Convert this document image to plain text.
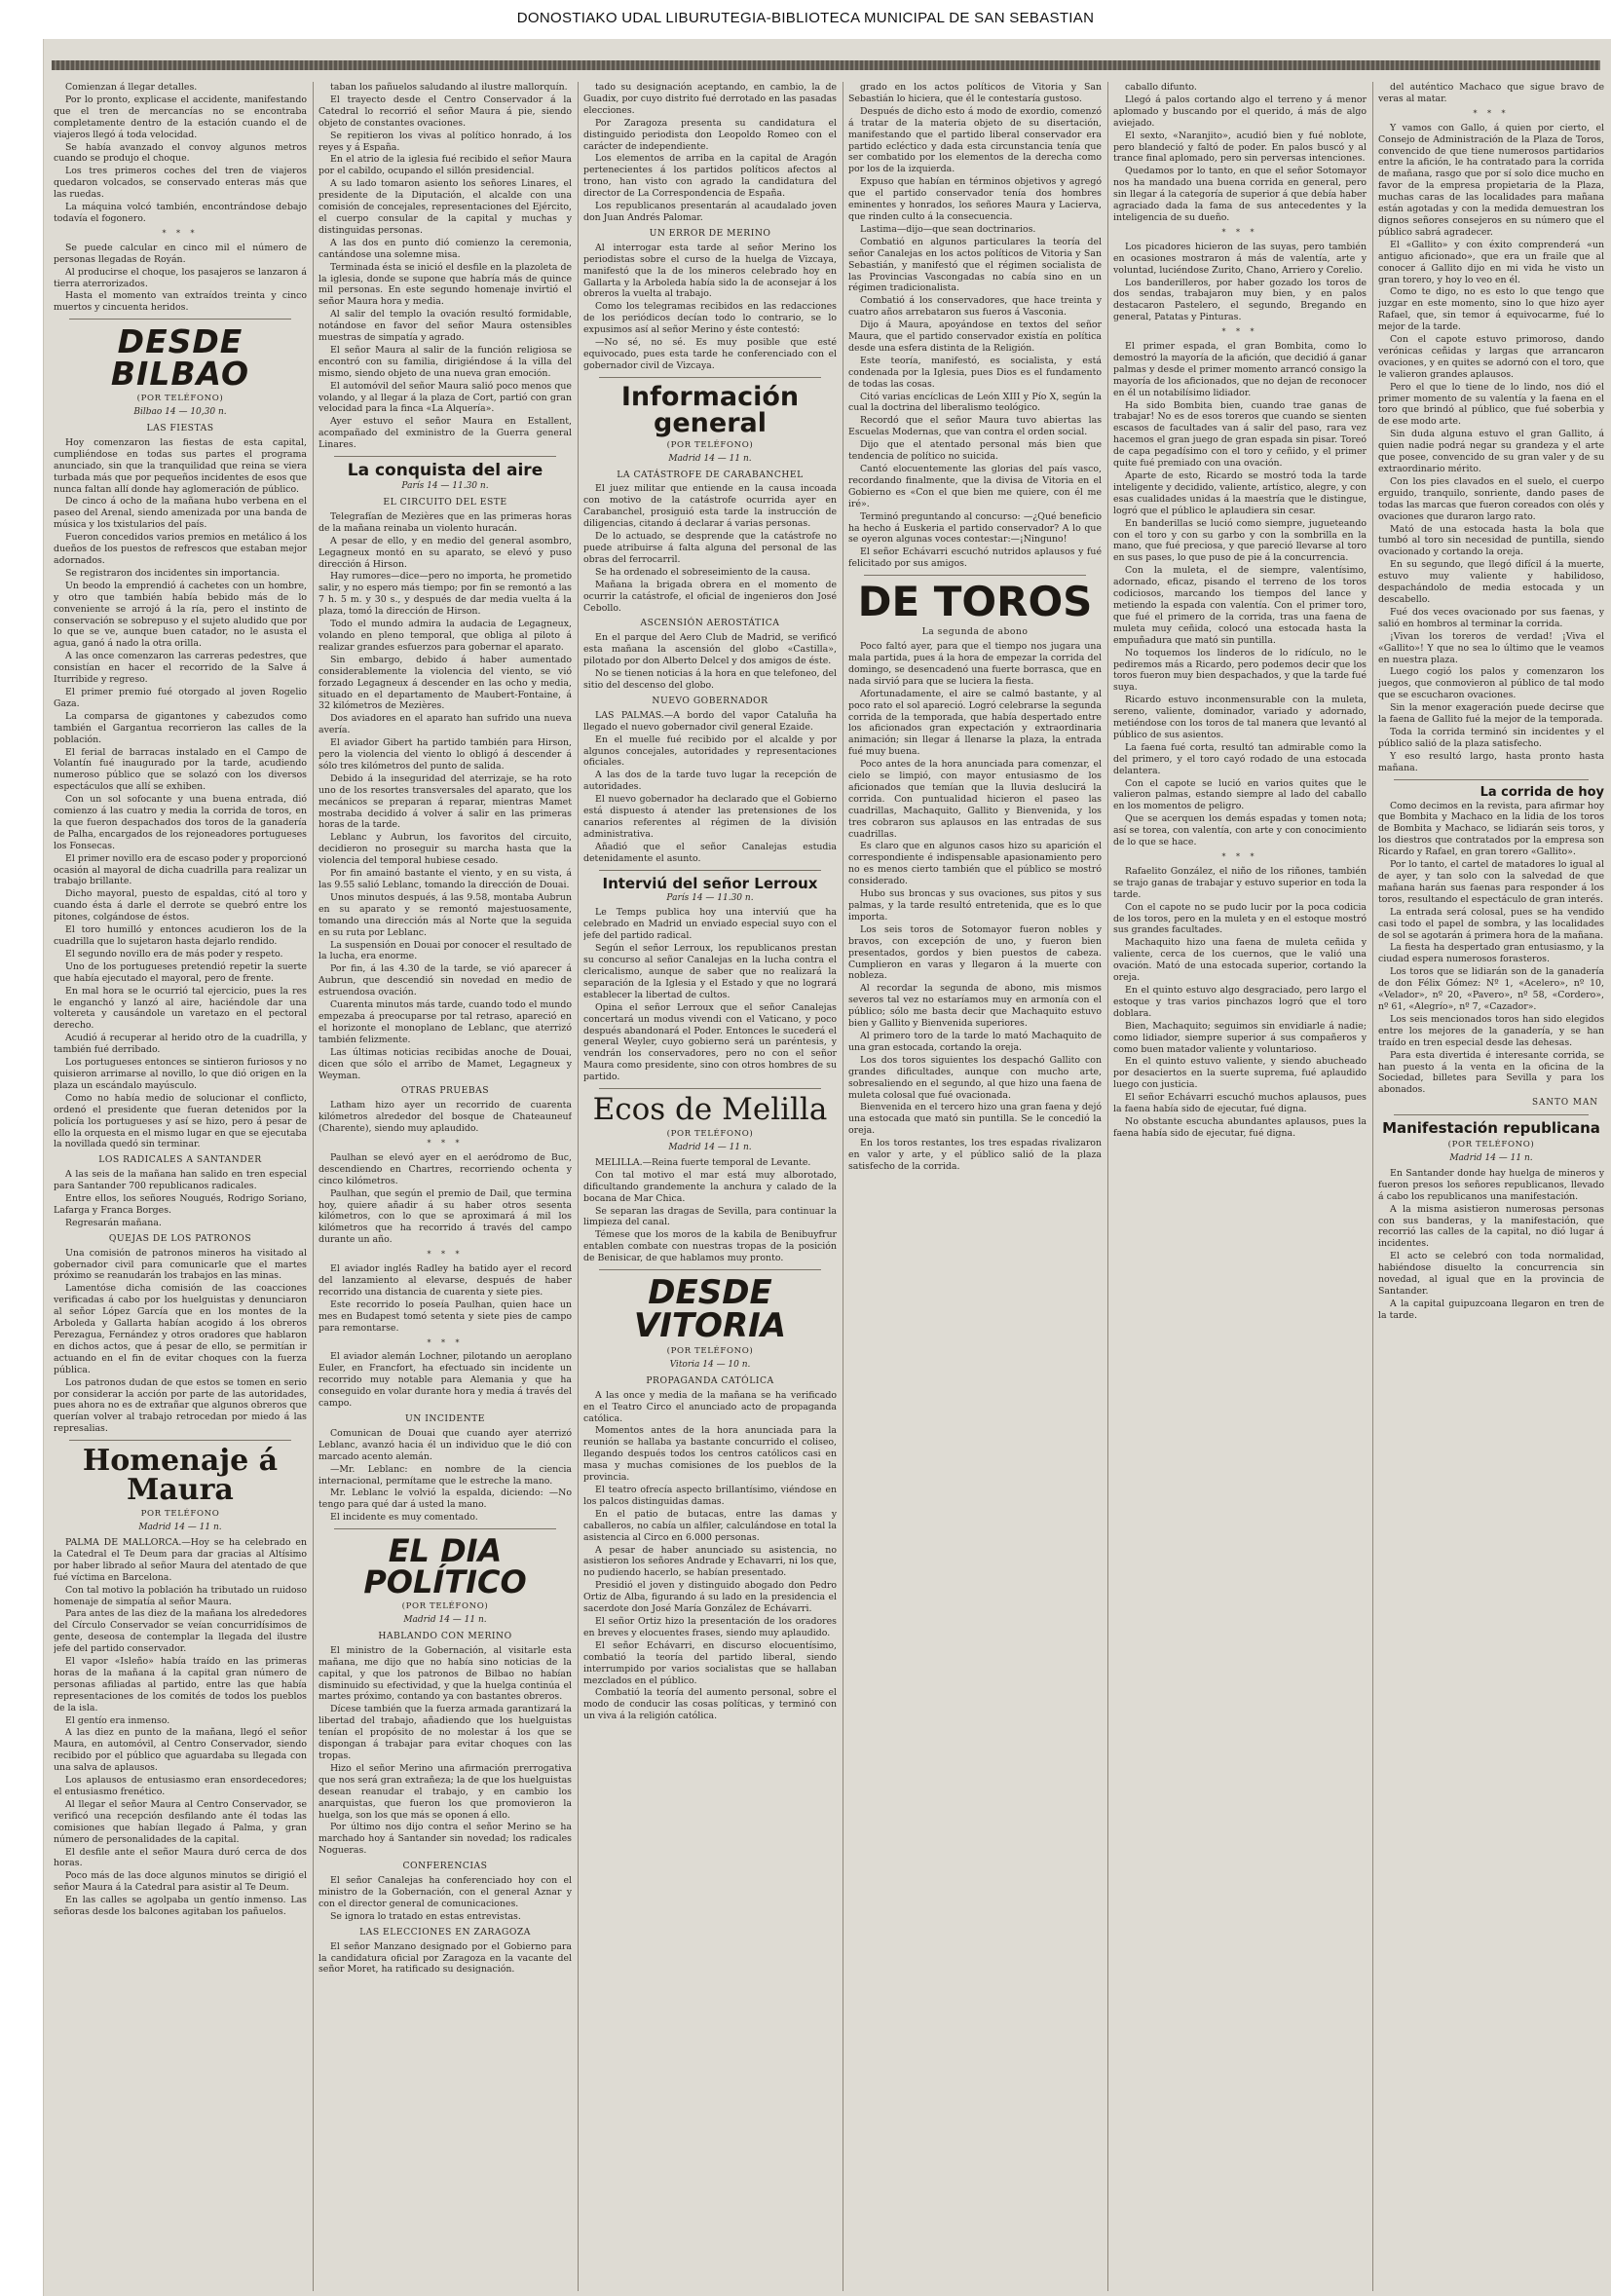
DONOSTIAKO UDAL LIBURUTEGIA-BIBLIOTECA MUNICIPAL DE SAN SEBASTIAN

Comienzan á llegar detalles.

Por lo pronto, explicase el accidente, manifestando que el tren de mercancías no se encontraba completamente dentro de la estación cuando el de viajeros llegó á toda velocidad.

Se había avanzado el convoy algunos metros cuando se produjo el choque.

Los tres primeros coches del tren de viajeros quedaron volcados, se conservado enteras más que las ruedas.

La máquina volcó también, encontrándose debajo todavía el fogonero.

* * *

Se puede calcular en cinco mil el número de personas llegadas de Royán.

Al producirse el choque, los pasajeros se lanzaron á tierra aterrorizados.

Hasta el momento van extraídos treinta y cinco muertos y cincuenta heridos.

DESDE BILBAO
(POR TELÉFONO)
Bilbao 14 — 10,30 n.
LAS FIESTAS

Hoy comenzaron las fiestas de esta capital, cumpliéndose en todas sus partes el programa anunciado, sin que la tranquilidad que reina se viera turbada más que por pequeños incidentes de esos que nunca faltan allí donde hay aglomeración de público.

De cinco á ocho de la mañana hubo verbena en el paseo del Arenal, siendo amenizada por una banda de música y los txistularios del país.

Fueron concedidos varios premios en metálico á los dueños de los puestos de refrescos que estaban mejor adornados.

Se registraron dos incidentes sin importancia.

Un beodo la emprendió á cachetes con un hombre, y otro que también había bebido más de lo conveniente se arrojó á la ría, pero el instinto de conservación se sobrepuso y el sujeto aludido que por lo que se ve, aunque buen catador, no le asusta el agua, ganó á nado la otra orilla.

A las once comenzaron las carreras pedestres, que consistían en hacer el recorrido de la Salve á Iturribide y regreso.

El primer premio fué otorgado al joven Rogelio Gaza.

La comparsa de gigantones y cabezudos como también el Gargantua recorrieron las calles de la población.

El ferial de barracas instalado en el Campo de Volantín fué inaugurado por la tarde, acudiendo numeroso público que se solazó con los diversos espectáculos que allí se exhiben.

Con un sol sofocante y una buena entrada, dió comienzo á las cuatro y media la corrida de toros, en la que fueron despachados dos toros de la ganadería de Palha, encargados de los rejoneadores portugueses los Fonsecas.

El primer novillo era de escaso poder y proporcionó ocasión al mayoral de dicha cuadrilla para realizar un trabajo brillante.

Dicho mayoral, puesto de espaldas, citó al toro y cuando ésta á darle el derrote se quebró entre los pitones, colgándose de éstos.

El toro humilló y entonces acudieron los de la cuadrilla que lo sujetaron hasta dejarlo rendido.

El segundo novillo era de más poder y respeto.

Uno de los portugueses pretendió repetir la suerte que había ejecutado el mayoral, pero de frente.

En mal hora se le ocurrió tal ejercicio, pues la res le enganchó y lanzó al aire, haciéndole dar una voltereta y causándole un varetazo en el pectoral derecho.

Acudió á recuperar al herido otro de la cuadrilla, y también fué derribado.

Los portugueses entonces se sintieron furiosos y no quisieron arrimarse al novillo, lo que dió origen en la plaza un escándalo mayúsculo.

Como no había medio de solucionar el conflicto, ordenó el presidente que fueran detenidos por la policía los portugueses y así se hizo, pero á pesar de ello la orquesta en el mismo lugar en que se ejecutaba la novillada quedó sin terminar.

LOS RADICALES A SANTANDER

A las seis de la mañana han salido en tren especial para Santander 700 republicanos radicales.

Entre ellos, los señores Nougués, Rodrigo Soriano, Lafarga y Franca Borges.

Regresarán mañana.

QUEJAS DE LOS PATRONOS

Una comisión de patronos mineros ha visitado al gobernador civil para comunicarle que el martes próximo se reanudarán los trabajos en las minas.

Lamentóse dicha comisión de las coacciones verificadas á cabo por los huelguistas y denunciaron al señor López García que en los montes de la Arboleda y Gallarta habían acogido á los obreros Perezagua, Fernández y otros oradores que hablaron en dichos actos, que á pesar de ello, se permitían ir actuando en el fin de evitar choques con la fuerza pública.

Los patronos dudan de que estos se tomen en serio por considerar la acción por parte de las autoridades, pues ahora no es de extrañar que algunos obreros que querían volver al trabajo retrocedan por miedo á las represalias.

Homenaje á Maura
POR TELÉFONO
Madrid 14 — 11 n.

PALMA DE MALLORCA.—Hoy se ha celebrado en la Catedral el Te Deum para dar gracias al Altísimo por haber librado al señor Maura del atentado de que fué víctima en Barcelona.

Con tal motivo la población ha tributado un ruidoso homenaje de simpatía al señor Maura.

Para antes de las diez de la mañana los alrededores del Círculo Conservador se veían concurridísimos de gente, deseosa de contemplar la llegada del ilustre jefe del partido conservador.

El vapor «Isleño» había traído en las primeras horas de la mañana á la capital gran número de personas afiliadas al partido, entre las que había representaciones de los comités de todos los pueblos de la isla.

El gentío era inmenso.

A las diez en punto de la mañana, llegó el señor Maura, en automóvil, al Centro Conservador, siendo recibido por el público que aguardaba su llegada con una salva de aplausos.

Los aplausos de entusiasmo eran ensordecedores; el entusiasmo frenético.

Al llegar el señor Maura al Centro Conservador, se verificó una recepción desfilando ante él todas las comisiones que habían llegado á Palma, y gran número de personalidades de la capital.

El desfile ante el señor Maura duró cerca de dos horas.

Poco más de las doce algunos minutos se dirigió el señor Maura á la Catedral para asistir al Te Deum.

En las calles se agolpaba un gentío inmenso. Las señoras desde los balcones agitaban los pañuelos.

taban los pañuelos saludando al ilustre mallorquín.

El trayecto desde el Centro Conservador á la Catedral lo recorrió el señor Maura á pie, siendo objeto de constantes ovaciones.

Se repitieron los vivas al político honrado, á los reyes y á España.

En el atrio de la iglesia fué recibido el señor Maura por el cabildo, ocupando el sillón presidencial.

A su lado tomaron asiento los señores Linares, el presidente de la Diputación, el alcalde con una comisión de concejales, representaciones del Ejército, el cuerpo consular de la capital y muchas y distinguidas personas.

A las dos en punto dió comienzo la ceremonia, cantándose una solemne misa.

Terminada ésta se inició el desfile en la plazoleta de la iglesia, donde se supone que habría más de quince mil personas. En este segundo homenaje invirtió el señor Maura hora y media.

Al salir del templo la ovación resultó formidable, notándose en favor del señor Maura ostensibles muestras de simpatía y agrado.

El señor Maura al salir de la función religiosa se encontró con su familia, dirigiéndose á la villa del mismo, siendo objeto de una nueva gran emoción.

El automóvil del señor Maura salió poco menos que volando, y al llegar á la plaza de Cort, partió con gran velocidad para la finca «La Alquería».

Ayer estuvo el señor Maura en Estallent, acompañado del exministro de la Guerra general Linares.

La conquista del aire
París 14 — 11.30 n.
EL CIRCUITO DEL ESTE

Telegrafían de Mezières que en las primeras horas de la mañana reinaba un violento huracán.

A pesar de ello, y en medio del general asombro, Legagneux montó en su aparato, se elevó y puso dirección á Hirson.

Hay rumores—dice—pero no importa, he prometido salir, y no espero más tiempo; por fin se remontó a las 7 h. 5 m. y 30 s., y después de dar media vuelta á la plaza, tomó la dirección de Hirson.

Todo el mundo admira la audacia de Legagneux, volando en pleno temporal, que obliga al piloto á realizar grandes esfuerzos para gobernar el aparato.

Sin embargo, debido á haber aumentado considerablemente la violencia del viento, se vió forzado Legagneux á descender en las ocho y media, situado en el departamento de Maubert-Fontaine, á 32 kilómetros de Mezières.

Dos aviadores en el aparato han sufrido una nueva avería.

El aviador Gibert ha partido también para Hirson, pero la violencia del viento lo obligó á descender á sólo tres kilómetros del punto de salida.

Debido á la inseguridad del aterrizaje, se ha roto uno de los resortes transversales del aparato, que los mecánicos se preparan á reparar, mientras Mamet mostraba decidido á volver á salir en las primeras horas de la tarde.

Leblanc y Aubrun, los favoritos del circuito, decidieron no proseguir su marcha hasta que la violencia del temporal hubiese cesado.

Por fin amainó bastante el viento, y en su vista, á las 9.55 salió Leblanc, tomando la dirección de Douai.

Unos minutos después, á las 9.58, montaba Aubrun en su aparato y se remontó majestuosamente, tomando una dirección más al Norte que la seguida en su ruta por Leblanc.

La suspensión en Douai por conocer el resultado de la lucha, era enorme.

Por fin, á las 4.30 de la tarde, se vió aparecer á Aubrun, que descendió sin novedad en medio de estruendosa ovación.

Cuarenta minutos más tarde, cuando todo el mundo empezaba á preocuparse por tal retraso, apareció en el horizonte el monoplano de Leblanc, que aterrizó también felizmente.

Las últimas noticias recibidas anoche de Douai, dicen que sólo el arribo de Mamet, Legagneux y Weyman.

OTRAS PRUEBAS

Latham hizo ayer un recorrido de cuarenta kilómetros alrededor del bosque de Chateauneuf (Charente), siendo muy aplaudido.

* * *

Paulhan se elevó ayer en el aeródromo de Buc, descendiendo en Chartres, recorriendo ochenta y cinco kilómetros.

Paulhan, que según el premio de Dail, que termina hoy, quiere añadir á su haber otros sesenta kilómetros, con lo que se aproximará á mil los kilómetros que ha recorrido á través del campo durante un año.

* * *

El aviador inglés Radley ha batido ayer el record del lanzamiento al elevarse, después de haber recorrido una distancia de cuarenta y siete pies.

Este recorrido lo poseía Paulhan, quien hace un mes en Budapest tomó setenta y siete pies de campo para remontarse.

* * *

El aviador alemán Lochner, pilotando un aeroplano Euler, en Francfort, ha efectuado sin incidente un recorrido muy notable para Alemania y que ha conseguido en volar durante hora y media á través del campo.

UN INCIDENTE

Comunican de Douai que cuando ayer aterrizó Leblanc, avanzó hacia él un individuo que le dió con marcado acento alemán.

—Mr. Leblanc: en nombre de la ciencia internacional, permítame que le estreche la mano.

Mr. Leblanc le volvió la espalda, diciendo: —No tengo para qué dar á usted la mano.

El incidente es muy comentado.

EL DIA POLÍTICO
(POR TELÉFONO)
Madrid 14 — 11 n.
HABLANDO CON MERINO

El ministro de la Gobernación, al visitarle esta mañana, me dijo que no había sino noticias de la capital, y que los patronos de Bilbao no habían disminuido su efectividad, y que la huelga continúa el martes próximo, contando ya con bastantes obreros.

Dícese también que la fuerza armada garantizará la libertad del trabajo, añadiendo que los huelguistas tenían el propósito de no molestar á los que se dispongan á trabajar para evitar choques con las tropas.

Hizo el señor Merino una afirmación prerrogativa que nos será gran extrañeza; la de que los huelguistas desean reanudar el trabajo, y en cambio los anarquistas, que fueron los que promovieron la huelga, son los que más se oponen á ello.

Por último nos dijo contra el señor Merino se ha marchado hoy á Santander sin novedad; los radicales Nogueras.

CONFERENCIAS

El señor Canalejas ha conferenciado hoy con el ministro de la Gobernación, con el general Aznar y con el director general de comunicaciones.

Se ignora lo tratado en estas entrevistas.

LAS ELECCIONES EN ZARAGOZA

El señor Manzano designado por el Gobierno para la candidatura oficial por Zaragoza en la vacante del señor Moret, ha ratificado su designación.

tado su designación aceptando, en cambio, la de Guadix, por cuyo distrito fué derrotado en las pasadas elecciones.

Por Zaragoza presenta su candidatura el distinguido periodista don Leopoldo Romeo con el carácter de independiente.

Los elementos de arriba en la capital de Aragón pertenecientes á los partidos políticos afectos al trono, han visto con agrado la candidatura del director de La Correspondencia de España.

Los republicanos presentarán al acaudalado joven don Juan Andrés Palomar.

UN ERROR DE MERINO

Al interrogar esta tarde al señor Merino los periodistas sobre el curso de la huelga de Vizcaya, manifestó que la de los mineros celebrado hoy en Gallarta y la Arboleda había sido la de aconsejar á los obreros la vuelta al trabajo.

Como los telegramas recibidos en las redacciones de los periódicos decían todo lo contrario, se lo expusimos así al señor Merino y éste contestó:

—No sé, no sé. Es muy posible que esté equivocado, pues esta tarde he conferenciado con el gobernador civil de Vizcaya.

Información general
(POR TELÉFONO)
Madrid 14 — 11 n.
LA CATÁSTROFE DE CARABANCHEL

El juez militar que entiende en la causa incoada con motivo de la catástrofe ocurrida ayer en Carabanchel, prosiguió esta tarde la instrucción de diligencias, citando á declarar á varias personas.

De lo actuado, se desprende que la catástrofe no puede atribuirse á falta alguna del personal de las obras del ferrocarril.

Se ha ordenado el sobreseimiento de la causa.

Mañana la brigada obrera en el momento de ocurrir la catástrofe, el oficial de ingenieros don José Cebollo.

ASCENSIÓN AEROSTÁTICA

En el parque del Aero Club de Madrid, se verificó esta mañana la ascensión del globo «Castilla», pilotado por don Alberto Delcel y dos amigos de éste.

No se tienen noticias á la hora en que telefoneo, del sitio del descenso del globo.

NUEVO GOBERNADOR

LAS PALMAS.—A bordo del vapor Cataluña ha llegado el nuevo gobernador civil general Ezaide.

En el muelle fué recibido por el alcalde y por algunos concejales, autoridades y representaciones oficiales.

A las dos de la tarde tuvo lugar la recepción de autoridades.

El nuevo gobernador ha declarado que el Gobierno está dispuesto á atender las pretensiones de los canarios referentes al régimen de la división administrativa.

Añadió que el señor Canalejas estudia detenidamente el asunto.

Interviú del señor Lerroux
París 14 — 11.30 n.

Le Temps publica hoy una interviú que ha celebrado en Madrid un enviado especial suyo con el jefe del partido radical.

Según el señor Lerroux, los republicanos prestan su concurso al señor Canalejas en la lucha contra el clericalismo, aunque de saber que no realizará la separación de la Iglesia y el Estado y que no logrará establecer la libertad de cultos.

Opina el señor Lerroux que el señor Canalejas concertará un modus vivendi con el Vaticano, y poco después abandonará el Poder. Entonces le sucederá el general Weyler, cuyo gobierno será un paréntesis, y vendrán los conservadores, pero no con el señor Maura como presidente, sino con otros hombres de su partido.

Ecos de Melilla
(POR TELÉFONO)
Madrid 14 — 11 n.

MELILLA.—Reina fuerte temporal de Levante.

Con tal motivo el mar está muy alborotado, dificultando grandemente la anchura y calado de la bocana de Mar Chica.

Se separan las dragas de Sevilla, para continuar la limpieza del canal.

Témese que los moros de la kabila de Benibuyfrur entablen combate con nuestras tropas de la posición de Benisicar, de que hablamos muy pronto.

DESDE VITORIA
(POR TELÉFONO)
Vitoria 14 — 10 n.
PROPAGANDA CATÓLICA

A las once y media de la mañana se ha verificado en el Teatro Circo el anunciado acto de propaganda católica.

Momentos antes de la hora anunciada para la reunión se hallaba ya bastante concurrido el coliseo, llegando después todos los centros católicos casi en masa y muchas comisiones de los pueblos de la provincia.

El teatro ofrecía aspecto brillantísimo, viéndose en los palcos distinguidas damas.

En el patio de butacas, entre las damas y caballeros, no cabía un alfiler, calculándose en total la asistencia al Circo en 6.000 personas.

A pesar de haber anunciado su asistencia, no asistieron los señores Andrade y Echavarri, ni los que, no pudiendo hacerlo, se habían presentado.

Presidió el joven y distinguido abogado don Pedro Ortiz de Alba, figurando á su lado en la presidencia el sacerdote don José María González de Echávarri.

El señor Ortiz hizo la presentación de los oradores en breves y elocuentes frases, siendo muy aplaudido.

El señor Echávarri, en discurso elocuentísimo, combatió la teoría del partido liberal, siendo interrumpido por varios socialistas que se hallaban mezclados en el público.

Combatió la teoría del aumento personal, sobre el modo de conducir las cosas políticas, y terminó con un viva á la religión católica.

grado en los actos políticos de Vitoria y San Sebastián lo hiciera, que él le contestaría gustoso.

Después de dicho esto á modo de exordio, comenzó á tratar de la materia objeto de su disertación, manifestando que el partido liberal conservador era partido ecléctico y dada esta circunstancia tenía que ser combatido por los elementos de la derecha como por los de la izquierda.

Expuso que habían en términos objetivos y agregó que el partido conservador tenía dos hombres eminentes y honrados, los señores Maura y Lacierva, que rinden culto á la consecuencia.

Lastima—dijo—que sean doctrinarios.

Combatió en algunos particulares la teoría del señor Canalejas en los actos políticos de Vitoria y San Sebastián, y manifestó que el régimen socialista de las Provincias Vascongadas no cabía sino en un régimen tradicionalista.

Combatió á los conservadores, que hace treinta y cuatro años arrebataron sus fueros á Vasconia.

Dijo á Maura, apoyándose en textos del señor Maura, que el partido conservador existía en política desde una esfera distinta de la Religión.

Este teoría, manifestó, es socialista, y está condenada por la Iglesia, pues Dios es el fundamento de todas las cosas.

Citó varias encíclicas de León XIII y Pío X, según la cual la doctrina del liberalismo teológico.

Recordó que el señor Maura tuvo abiertas las Escuelas Modernas, que van contra el orden social.

Dijo que el atentado personal más bien que tendencia de político no suicida.

Cantó elocuentemente las glorias del país vasco, recordando finalmente, que la divisa de Vitoria en el Gobierno es «Con el que bien me quiere, con él me iré».

Terminó preguntando al concurso: —¿Qué beneficio ha hecho á Euskeria el partido conservador? A lo que se oyeron algunas voces contestar:—¡Ninguno!

El señor Echávarri escuchó nutridos aplausos y fué felicitado por sus amigos.

DE TOROS
La segunda de abono

Poco faltó ayer, para que el tiempo nos jugara una mala partida, pues á la hora de empezar la corrida del domingo, se desencadenó una fuerte borrasca, que en nada sirvió para que se luciera la fiesta.

Afortunadamente, el aire se calmó bastante, y al poco rato el sol apareció. Logró celebrarse la segunda corrida de la temporada, que había despertado entre los aficionados gran expectación y extraordinaria animación; sin llegar á llenarse la plaza, la entrada fué muy buena.

Poco antes de la hora anunciada para comenzar, el cielo se limpió, con mayor entusiasmo de los aficionados que temían que la lluvia deslucirá la corrida. Con puntualidad hicieron el paseo las cuadrillas, Machaquito, Gallito y Bienvenida, y los tres cobraron sus aplausos en las entradas de sus cuadrillas.

Es claro que en algunos casos hizo su aparición el correspondiente é indispensable apasionamiento pero no es menos cierto también que el público se mostró considerado.

Hubo sus broncas y sus ovaciones, sus pitos y sus palmas, y la tarde resultó entretenida, que es lo que importa.

Los seis toros de Sotomayor fueron nobles y bravos, con excepción de uno, y fueron bien presentados, gordos y bien puestos de cabeza. Cumplieron en varas y llegaron á la muerte con nobleza.

Al recordar la segunda de abono, mis mismos severos tal vez no estaríamos muy en armonía con el público; sólo me basta decir que Machaquito estuvo bien y Gallito y Bienvenida superiores.

Al primero toro de la tarde lo mató Machaquito de una gran estocada, cortando la oreja.

Los dos toros siguientes los despachó Gallito con grandes dificultades, aunque con mucho arte, sobresaliendo en el segundo, al que hizo una faena de muleta colosal que fué ovacionada.

Bienvenida en el tercero hizo una gran faena y dejó una estocada que mató sin puntilla. Se le concedió la oreja.

En los toros restantes, los tres espadas rivalizaron en valor y arte, y el público salió de la plaza satisfecho de la corrida.

caballo difunto.

Llegó á palos cortando algo el terreno y á menor aplomado y buscando por el querido, á más de algo aviejado.

El sexto, «Naranjito», acudió bien y fué noblote, pero blandeció y faltó de poder. En palos buscó y al trance final aplomado, pero sin perversas intenciones.

Quedamos por lo tanto, en que el señor Sotomayor nos ha mandado una buena corrida en general, pero sin llegar á la categoría de superior á que debía haber agraciado dada la fama de sus antecedentes y la inteligencia de su dueño.

* * *

Los picadores hicieron de las suyas, pero también en ocasiones mostraron á más de valentía, arte y voluntad, luciéndose Zurito, Chano, Arriero y Corelio.

Los banderilleros, por haber gozado los toros de dos sendas, trabajaron muy bien, y en palos destacaron Pastelero, el segundo, Bregando en general, Patatas y Pinturas.

* * *

El primer espada, el gran Bombita, como lo demostró la mayoría de la afición, que decidió á ganar palmas y desde el primer momento arrancó consigo la mayoría de los aficionados, que no dejan de reconocer en él un notabilísimo lidiador.

Ha sido Bombita bien, cuando trae ganas de trabajar! No es de esos toreros que cuando se sienten escasos de facultades van á salir del paso, rara vez hacemos el gran juego de gran espada sin pisar. Toreó de capa pegadísimo con el toro y ceñido, y el primer quite fué premiado con una ovación.

Aparte de esto, Ricardo se mostró toda la tarde inteligente y decidido, valiente, artístico, alegre, y con esas cualidades unidas á la maestría que le distingue, logró que el público le aplaudiera sin cesar.

En banderillas se lució como siempre, jugueteando con el toro y con su garbo y con la sombrilla en la mano, que fué preciosa, y que pareció llevarse al toro en sus pases, lo que puso de pie á la concurrencia.

Con la muleta, el de siempre, valentísimo, adornado, eficaz, pisando el terreno de los toros codiciosos, marcando los tiempos del lance y metiendo la espada con valentía. Con el primer toro, que fué el primero de la corrida, tras una faena de muleta muy ceñida, colocó una estocada hasta la empuñadura que mató sin puntilla.

No toquemos los linderos de lo ridículo, no le pediremos más a Ricardo, pero podemos decir que los toros fueron muy bien despachados, y que la tarde fué suya.

Ricardo estuvo inconmensurable con la muleta, sereno, valiente, dominador, variado y adornado, metiéndose con los toros de tal manera que levantó al público de sus asientos.

La faena fué corta, resultó tan admirable como la del primero, y el toro cayó rodado de una estocada delantera.

Con el capote se lució en varios quites que le valieron palmas, estando siempre al lado del caballo en los momentos de peligro.

Que se acerquen los demás espadas y tomen nota; así se torea, con valentía, con arte y con conocimiento de lo que se hace.

* * *

Rafaelito González, el niño de los riñones, también se trajo ganas de trabajar y estuvo superior en toda la tarde.

Con el capote no se pudo lucir por la poca codicia de los toros, pero en la muleta y en el estoque mostró sus grandes facultades.

Machaquito hizo una faena de muleta ceñida y valiente, cerca de los cuernos, que le valió una ovación. Mató de una estocada superior, cortando la oreja.

En el quinto estuvo algo desgraciado, pero largo el estoque y tras varios pinchazos logró que el toro doblara.

Bien, Machaquito; seguimos sin envidiarle á nadie; como lidiador, siempre superior á sus compañeros y como buen matador valiente y voluntarioso.

En el quinto estuvo valiente, y siendo abucheado por desaciertos en la suerte suprema, fué aplaudido luego con justicia.

El señor Echávarri escuchó muchos aplausos, pues la faena había sido de ejecutar, fué digna.

No obstante escucha abundantes aplausos, pues la faena había sido de ejecutar, fué digna.

del auténtico Machaco que sigue bravo de veras al matar.

* * *

Y vamos con Gallo, á quien por cierto, el Consejo de Administración de la Plaza de Toros, convencido de que tiene numerosos partidarios entre la afición, le ha contratado para la corrida de mañana, rasgo que por sí solo dice mucho en favor de la empresa propietaria de la Plaza, muchas caras de las localidades para mañana están agotadas y con la medida demuestran los dignos señores consejeros en su número que el público sabrá agradecer.

El «Gallito» y con éxito comprenderá «un antiguo aficionado», que era un fraile que al conocer á Gallito dijo en mi vida he visto un gran torero, y hoy lo veo en él.

Como te digo, no es esto lo que tengo que juzgar en este momento, sino lo que hizo ayer Rafael, que, sin temor á equivocarme, fué lo mejor de la tarde.

Con el capote estuvo primoroso, dando verónicas ceñidas y largas que arrancaron ovaciones, y en quites se adornó con el toro, que le valieron grandes aplausos.

Pero el que lo tiene de lo lindo, nos dió el primer momento de su valentía y la faena en el toro que brindó al público, que fué soberbia y de ese modo arte.

Sin duda alguna estuvo el gran Gallito, á quien nadie podrá negar su grandeza y el arte que posee, convencido de su gran valer y de su extraordinario mérito.

Con los pies clavados en el suelo, el cuerpo erguido, tranquilo, sonriente, dando pases de todas las marcas que fueron coreados con olés y ovaciones que duraron largo rato.

Mató de una estocada hasta la bola que tumbó al toro sin necesidad de puntilla, siendo ovacionado y cortando la oreja.

En su segundo, que llegó difícil á la muerte, estuvo muy valiente y habilidoso, despachándolo de media estocada y un descabello.

Fué dos veces ovacionado por sus faenas, y salió en hombros al terminar la corrida.

¡Vivan los toreros de verdad! ¡Viva el «Gallito»! Y que no sea lo último que le veamos en nuestra plaza.

Luego cogió los palos y comenzaron los juegos, que conmovieron al público de tal modo que se escucharon ovaciones.

Sin la menor exageración puede decirse que la faena de Gallito fué la mejor de la temporada.

Toda la corrida terminó sin incidentes y el público salió de la plaza satisfecho.

Y eso resultó largo, hasta pronto hasta mañana.

La corrida de hoy

Como decimos en la revista, para afirmar hoy que Bombita y Machaco en la lidia de los toros de Bombita y Machaco, se lidiarán seis toros, y los diestros que contratados por la empresa son Ricardo y Rafael, en gran torero «Gallito».

Por lo tanto, el cartel de matadores lo igual al de ayer, y tan solo con la salvedad de que mañana harán sus faenas para responder á los toros, resultando el espectáculo de gran interés.

La entrada será colosal, pues se ha vendido casi todo el papel de sombra, y las localidades de sol se agotarán á primera hora de la mañana.

La fiesta ha despertado gran entusiasmo, y la ciudad espera numerosos forasteros.

Los toros que se lidiarán son de la ganadería de don Félix Gómez: Nº 1, «Acelero», nº 10, «Velador», nº 20, «Pavero», nº 58, «Cordero», nº 61, «Alegrío», nº 7, «Cazador».

Los seis mencionados toros han sido elegidos entre los mejores de la ganadería, y se han traído en tren especial desde las dehesas.

Para esta divertida é interesante corrida, se han puesto á la venta en la oficina de la Sociedad, billetes para Sevilla y para los abonados.

SANTO MAN
Manifestación republicana
(POR TELÉFONO)
Madrid 14 — 11 n.

En Santander donde hay huelga de mineros y fueron presos los señores republicanos, llevado á cabo los republicanos una manifestación.

A la misma asistieron numerosas personas con sus banderas, y la manifestación, que recorrió las calles de la capital, no dió lugar á incidentes.

El acto se celebró con toda normalidad, habiéndose disuelto la concurrencia sin novedad, al igual que en la provincia de Santander.

A la capital guipuzcoana llegaron en tren de la tarde.
